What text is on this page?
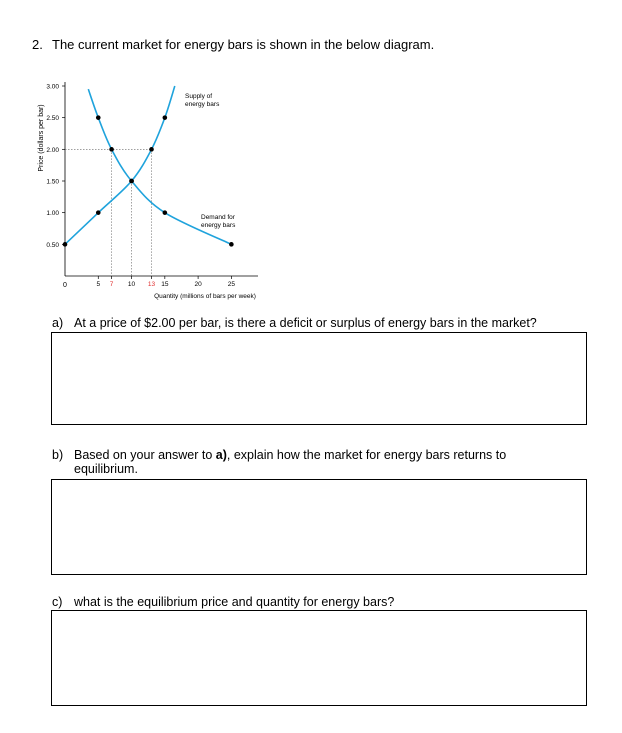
2. The current market for energy bars is shown in the below diagram.
Price (dollars per bar)
3.00
2.50
2.00
1.50
1.00
0.50
5 7 10 13 15	20	25
0
Quantity (millions of bars per week)
Supply of
energy bars
Demand for
energy bars
a) At a price of $2.00 per bar, is there a deficit or surplus of energy bars in the market?
b) Based on your answer to a), explain how the market for energy bars returns to
equilibrium.
c) what is the equilibrium price and quantity for energy bars?
